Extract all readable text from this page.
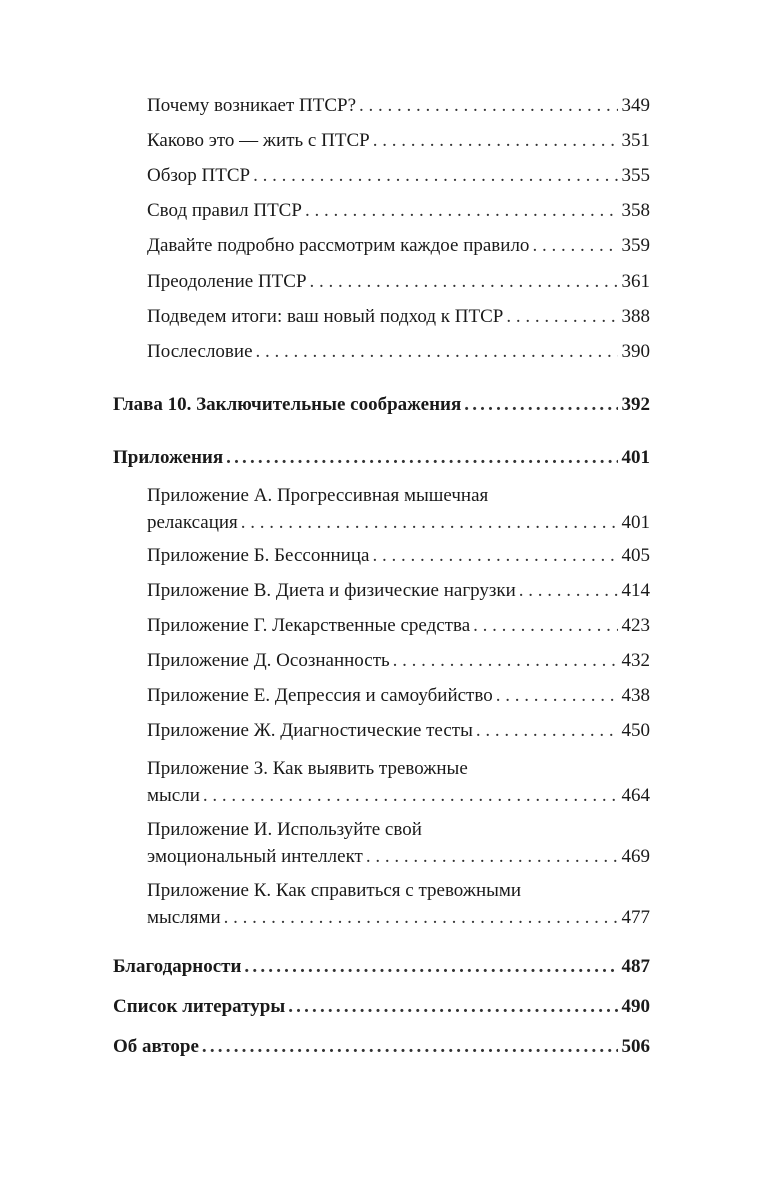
Почему возникает ПТСР? . . .	349
Каково это — жить с ПТСР . . .	351
Обзор ПТСР . . .	355
Свод правил ПТСР . . .	358
Давайте подробно рассмотрим каждое правило . . .	359
Преодоление ПТСР . . .	361
Подведем итоги: ваш новый подход к ПТСР . . .	388
Послесловие . . .	390
Глава 10. Заключительные соображения .....	392
Приложения .....	401
Приложение А. Прогрессивная мышечная
релаксация . . .	401
Приложение Б. Бессонница . . .	405
Приложение В. Диета и физические нагрузки . . .	414
Приложение Г. Лекарственные средства . . .	423
Приложение Д. Осознанность . . .	432
Приложение Е. Депрессия и самоубийство . . .	438
Приложение Ж. Диагностические тесты . . .	450
Приложение З. Как выявить тревожные
мысли . . .	464
Приложение И. Используйте свой
эмоциональный интеллект . . .	469
Приложение К. Как справиться с тревожными
мыслями . . .	477
Благодарности .....	487
Список литературы .....	490
Об авторе .....	506
